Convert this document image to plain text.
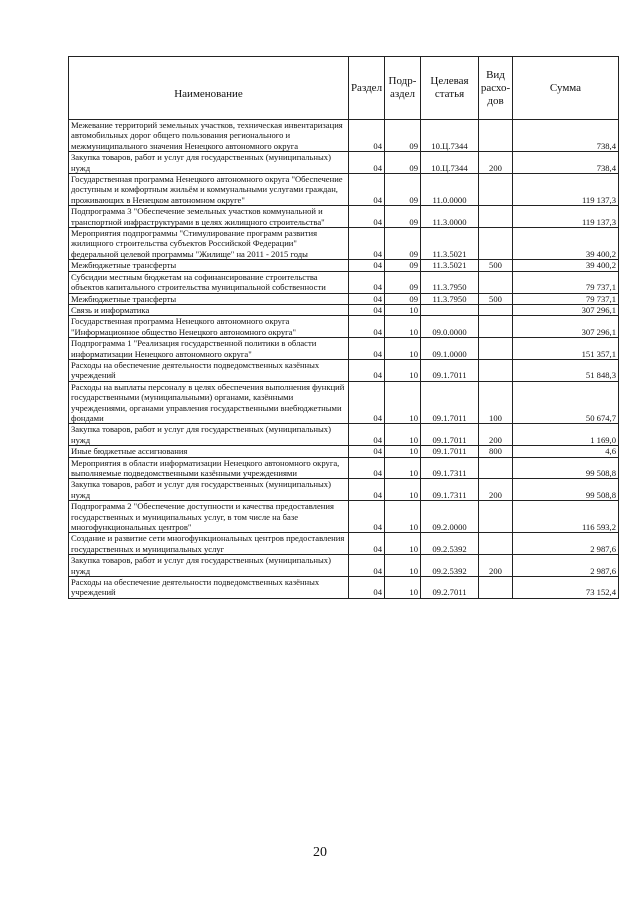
Наименование	Раздел	Подраздел	Целевая статья	Вид расходов	Сумма
Межевание территорий земельных участков, техническая инвентаризация автомобильных дорог общего пользования регионального и межмуниципального значения Ненецкого автономного округа	04	09	10.Ц.7344		738,4
Закупка товаров, работ и услуг для государственных (муниципальных) нужд	04	09	10.Ц.7344	200	738,4
Государственная программа Ненецкого автономного округа "Обеспечение доступным и комфортным жильём и коммунальными услугами граждан, проживающих в Ненецком автономном округе"	04	09	11.0.0000		119 137,3
Подпрограмма 3 "Обеспечение земельных участков коммунальной и транспортной инфраструктурами в целях жилищного строительства"	04	09	11.3.0000		119 137,3
Мероприятия подпрограммы "Стимулирование программ развития жилищного строительства субъектов Российской Федерации" федеральной целевой программы "Жилище" на 2011 - 2015 годы	04	09	11.3.5021		39 400,2
Межбюджетные трансферты	04	09	11.3.5021	500	39 400,2
Субсидии местным бюджетам на софинансирование строительства объектов капитального строительства муниципальной собственности	04	09	11.3.7950		79 737,1
Межбюджетные трансферты	04	09	11.3.7950	500	79 737,1
Связь и информатика	04	10			307 296,1
Государственная программа Ненецкого автономного округа "Информационное общество Ненецкого автономного округа"	04	10	09.0.0000		307 296,1
Подпрограмма 1 "Реализация государственной политики в области информатизации Ненецкого автономного округа"	04	10	09.1.0000		151 357,1
Расходы на обеспечение деятельности подведомственных казённых учреждений	04	10	09.1.7011		51 848,3
Расходы на выплаты персоналу в целях обеспечения выполнения функций государственными (муниципальными) органами, казёнными учреждениями, органами управления государственными внебюджетными фондами	04	10	09.1.7011	100	50 674,7
Закупка товаров, работ и услуг для государственных (муниципальных) нужд	04	10	09.1.7011	200	1 169,0
Иные бюджетные ассигнования	04	10	09.1.7011	800	4,6
Мероприятия в области информатизации Ненецкого автономного округа, выполняемые подведомственными казёнными учреждениями	04	10	09.1.7311		99 508,8
Закупка товаров, работ и услуг для государственных (муниципальных) нужд	04	10	09.1.7311	200	99 508,8
Подпрограмма 2 "Обеспечение доступности и качества предоставления государственных и муниципальных услуг, в том числе на базе многофункциональных центров"	04	10	09.2.0000		116 593,2
Создание и развитие сети многофункциональных центров предоставления государственных и муниципальных услуг	04	10	09.2.5392		2 987,6
Закупка товаров, работ и услуг для государственных (муниципальных) нужд	04	10	09.2.5392	200	2 987,6
Расходы на обеспечение деятельности подведомственных казённых учреждений	04	10	09.2.7011		73 152,4
20
